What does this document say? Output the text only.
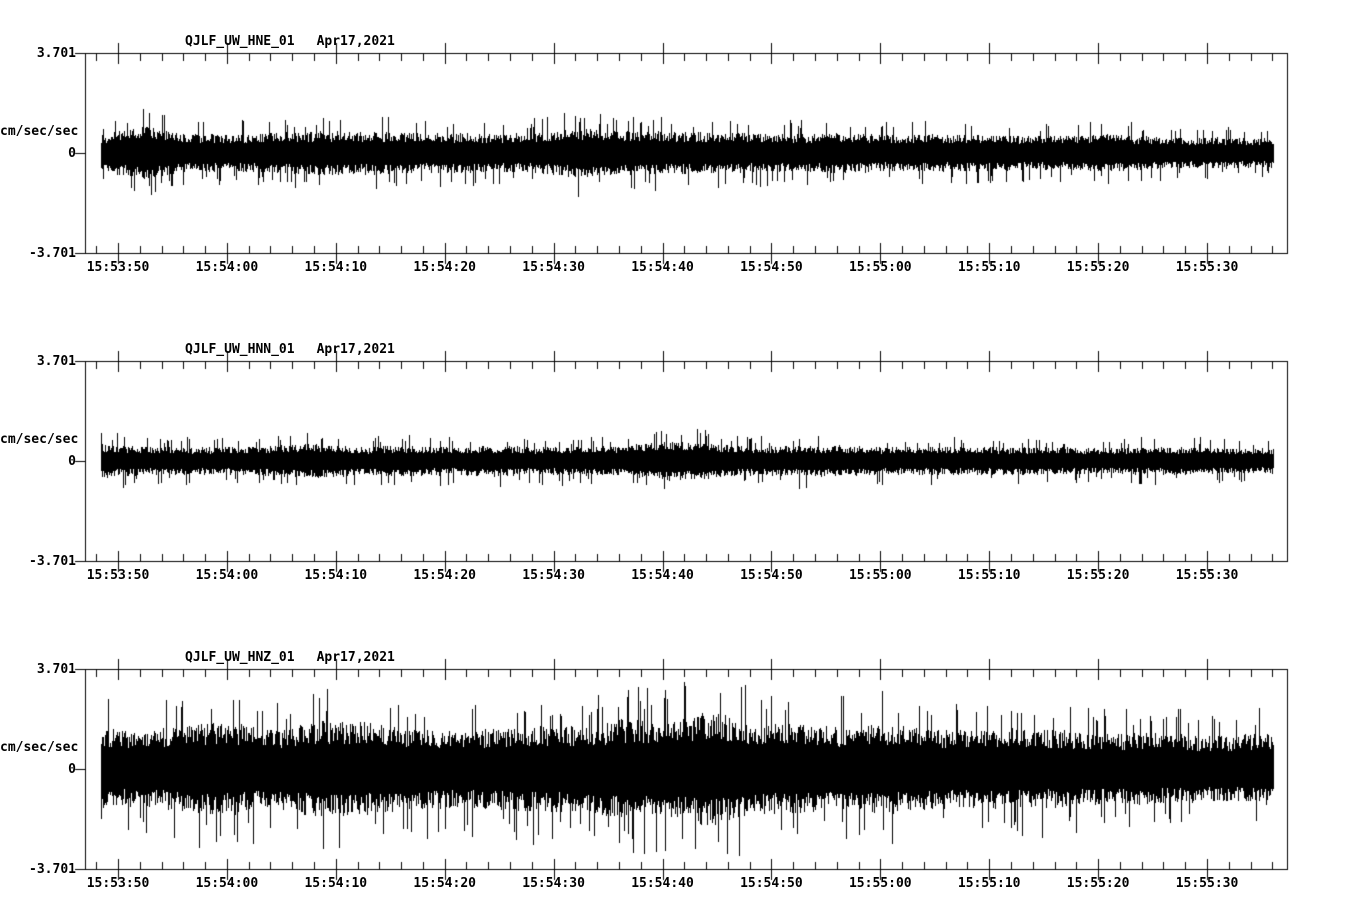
QJLF_UW_HNE_01 Apr17,2021
3.701
cm/sec/sec
0
-3.701
15:53:50	15:54:00	15:54:10	15:54:20	15:54:30	15:54:40	15:54:50	15:55:00	15:55:10	15:55:20	15:55:30
QJLF_UW_HNN_01 Apr17,2021
3.701
cm/sec/sec
0
-3.701
15:53:50	15:54:00	15:54:10	15:54:20	15:54:30	15:54:40	15:54:50	15:55:00	15:55:10	15:55:20	15:55:30
QJLF_UW_HNZ_01 Apr17,2021
3.701
cm/sec/sec
0
-3.701
15:53:50	15:54:00	15:54:10	15:54:20	15:54:30	15:54:40	15:54:50	15:55:00	15:55:10	15:55:20	15:55:30
